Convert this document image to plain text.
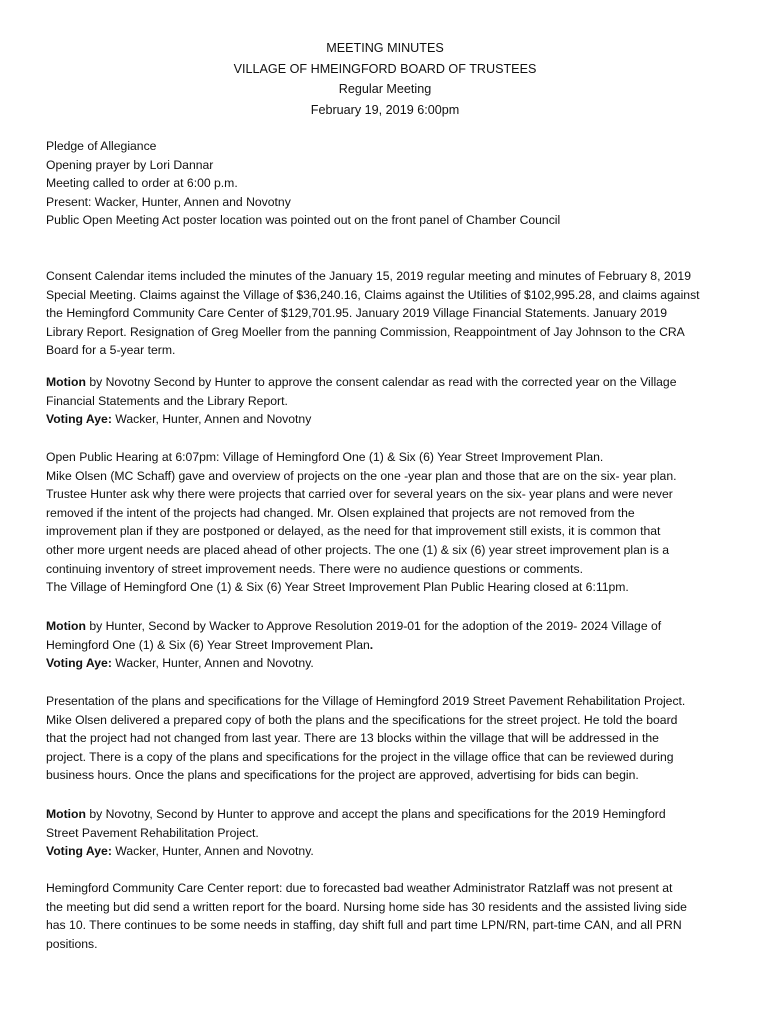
MEETING MINUTES
VILLAGE OF HMEINGFORD BOARD OF TRUSTEES
Regular Meeting
February 19, 2019 6:00pm
Pledge of Allegiance
Opening prayer by Lori Dannar
Meeting called to order at 6:00 p.m.
Present: Wacker, Hunter, Annen and Novotny
Public Open Meeting Act poster location was pointed out on the front panel of Chamber Council
Consent Calendar items included the minutes of the January 15, 2019 regular meeting and minutes of February 8, 2019
Special Meeting. Claims against the Village of $36,240.16, Claims against the Utilities of $102,995.28, and claims against
the Hemingford Community Care Center of $129,701.95. January 2019 Village Financial Statements. January 2019
Library Report. Resignation of Greg Moeller from the panning Commission, Reappointment of Jay Johnson to the CRA
Board for a 5-year term.
Motion by Novotny Second by Hunter to approve the consent calendar as read with the corrected year on the Village
Financial Statements and the Library Report.
Voting Aye: Wacker, Hunter, Annen and Novotny
Open Public Hearing at 6:07pm: Village of Hemingford One (1) & Six (6) Year Street Improvement Plan.
Mike Olsen (MC Schaff) gave and overview of projects on the one -year plan and those that are on the six- year plan.
Trustee Hunter ask why there were projects that carried over for several years on the six- year plans and were never
removed if the intent of the projects had changed. Mr. Olsen explained that projects are not removed from the
improvement plan if they are postponed or delayed, as the need for that improvement still exists, it is common that
other more urgent needs are placed ahead of other projects. The one (1) & six (6) year street improvement plan is a
continuing inventory of street improvement needs. There were no audience questions or comments.
The Village of Hemingford One (1) & Six (6) Year Street Improvement Plan Public Hearing closed at 6:11pm.
Motion by Hunter, Second by Wacker to Approve Resolution 2019-01 for the adoption of the 2019- 2024 Village of
Hemingford One (1) & Six (6) Year Street Improvement Plan.
Voting Aye: Wacker, Hunter, Annen and Novotny.
Presentation of the plans and specifications for the Village of Hemingford 2019 Street Pavement Rehabilitation Project.
Mike Olsen delivered a prepared copy of both the plans and the specifications for the street project. He told the board
that the project had not changed from last year. There are 13 blocks within the village that will be addressed in the
project. There is a copy of the plans and specifications for the project in the village office that can be reviewed during
business hours. Once the plans and specifications for the project are approved, advertising for bids can begin.
Motion by Novotny, Second by Hunter to approve and accept the plans and specifications for the 2019 Hemingford
Street Pavement Rehabilitation Project.
Voting Aye: Wacker, Hunter, Annen and Novotny.
Hemingford Community Care Center report: due to forecasted bad weather Administrator Ratzlaff was not present at
the meeting but did send a written report for the board. Nursing home side has 30 residents and the assisted living side
has 10. There continues to be some needs in staffing, day shift full and part time LPN/RN, part-time CAN, and all PRN
positions.
